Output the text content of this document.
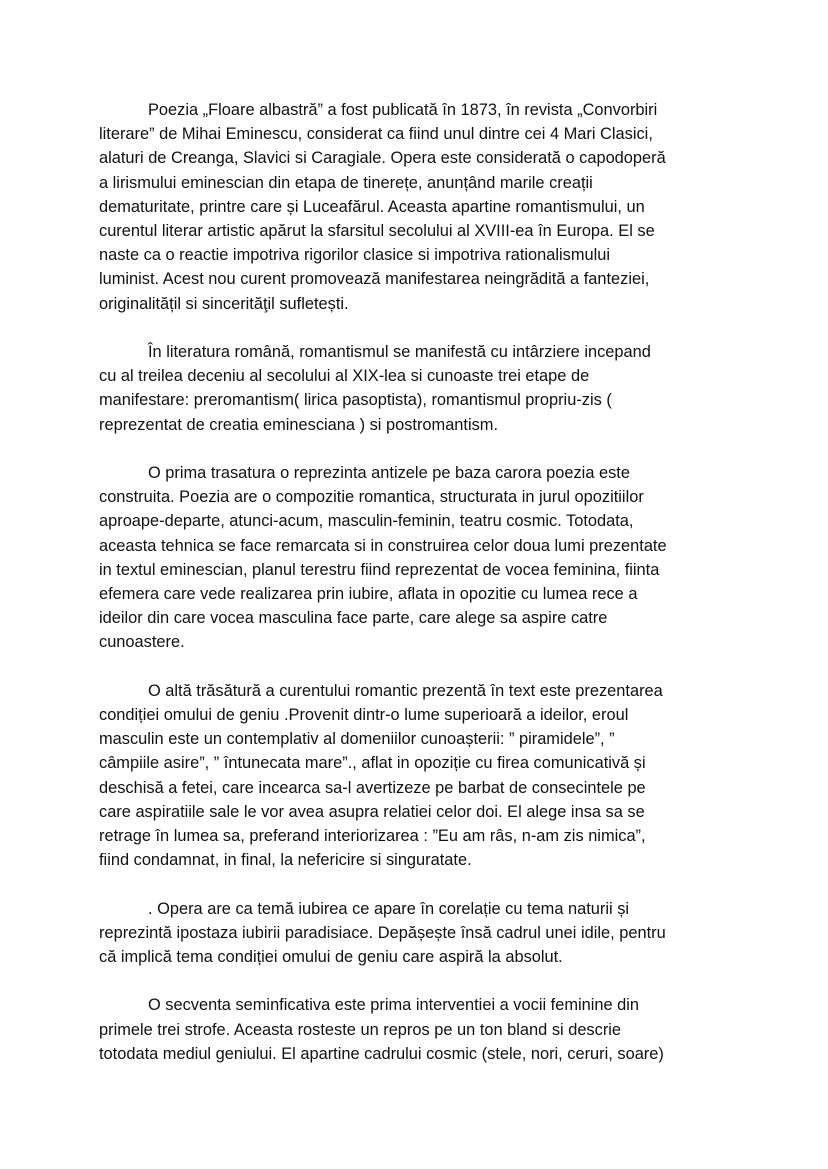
Poezia „Floare albastră” a fost publicată în 1873, în revista „Convorbiri
literare” de Mihai Eminescu, considerat ca fiind unul dintre cei 4 Mari Clasici,
alaturi de Creanga, Slavici si Caragiale. Opera este considerată o capodoperă
a lirismului eminescian din etapa de tinerețe, anunțând marile creații
dematuritate, printre care și Luceafărul. Aceasta apartine romantismului, un
curentul literar artistic apărut la sfarsitul secolului al XVIII-ea în Europa. El se
naste ca o reactie impotriva rigorilor clasice si impotriva rationalismului
luminist. Acest nou curent promovează manifestarea neingrădită a fanteziei,
originalitățil si sincerităţil sufletești.

În literatura română, romantismul se manifestă cu intârziere incepand
cu al treilea deceniu al secolului al XIX-lea si cunoaste trei etape de
manifestare: preromantism( lirica pasoptista), romantismul propriu-zis (
reprezentat de creatia eminesciana ) si postromantism.

O prima trasatura o reprezinta antizele pe baza carora poezia este
construita. Poezia are o compozitie romantica, structurata in jurul opozitiilor
aproape-departe, atunci-acum, masculin-feminin, teatru cosmic. Totodata,
aceasta tehnica se face remarcata si in construirea celor doua lumi prezentate
in textul eminescian, planul terestru fiind reprezentat de vocea feminina, fiinta
efemera care vede realizarea prin iubire, aflata in opozitie cu lumea rece a
ideilor din care vocea masculina face parte, care alege sa aspire catre
cunoastere.

O altă trăsătură a curentului romantic prezentă în text este prezentarea
condiției omului de geniu .Provenit dintr-o lume superioară a ideilor, eroul
masculin este un contemplativ al domeniilor cunoașterii: ” piramidele”, ”
câmpiile asire”, ” întunecata mare”., aflat in opoziție cu firea comunicativă și
deschisă a fetei, care incearca sa-l avertizeze pe barbat de consecintele pe
care aspiratiile sale le vor avea asupra relatiei celor doi. El alege insa sa se
retrage în lumea sa, preferand interiorizarea : ”Eu am râs, n-am zis nimica”,
fiind condamnat, in final, la nefericire si singuratate.

. Opera are ca temă iubirea ce apare în corelație cu tema naturii și
reprezintă ipostaza iubirii paradisiace. Depășește însă cadrul unei idile, pentru
că implică tema condiției omului de geniu care aspiră la absolut.

O secventa seminficativa este prima interventiei a vocii feminine din
primele trei strofe. Aceasta rosteste un repros pe un ton bland si descrie
totodata mediul geniului. El apartine cadrului cosmic (stele, nori, ceruri, soare)
